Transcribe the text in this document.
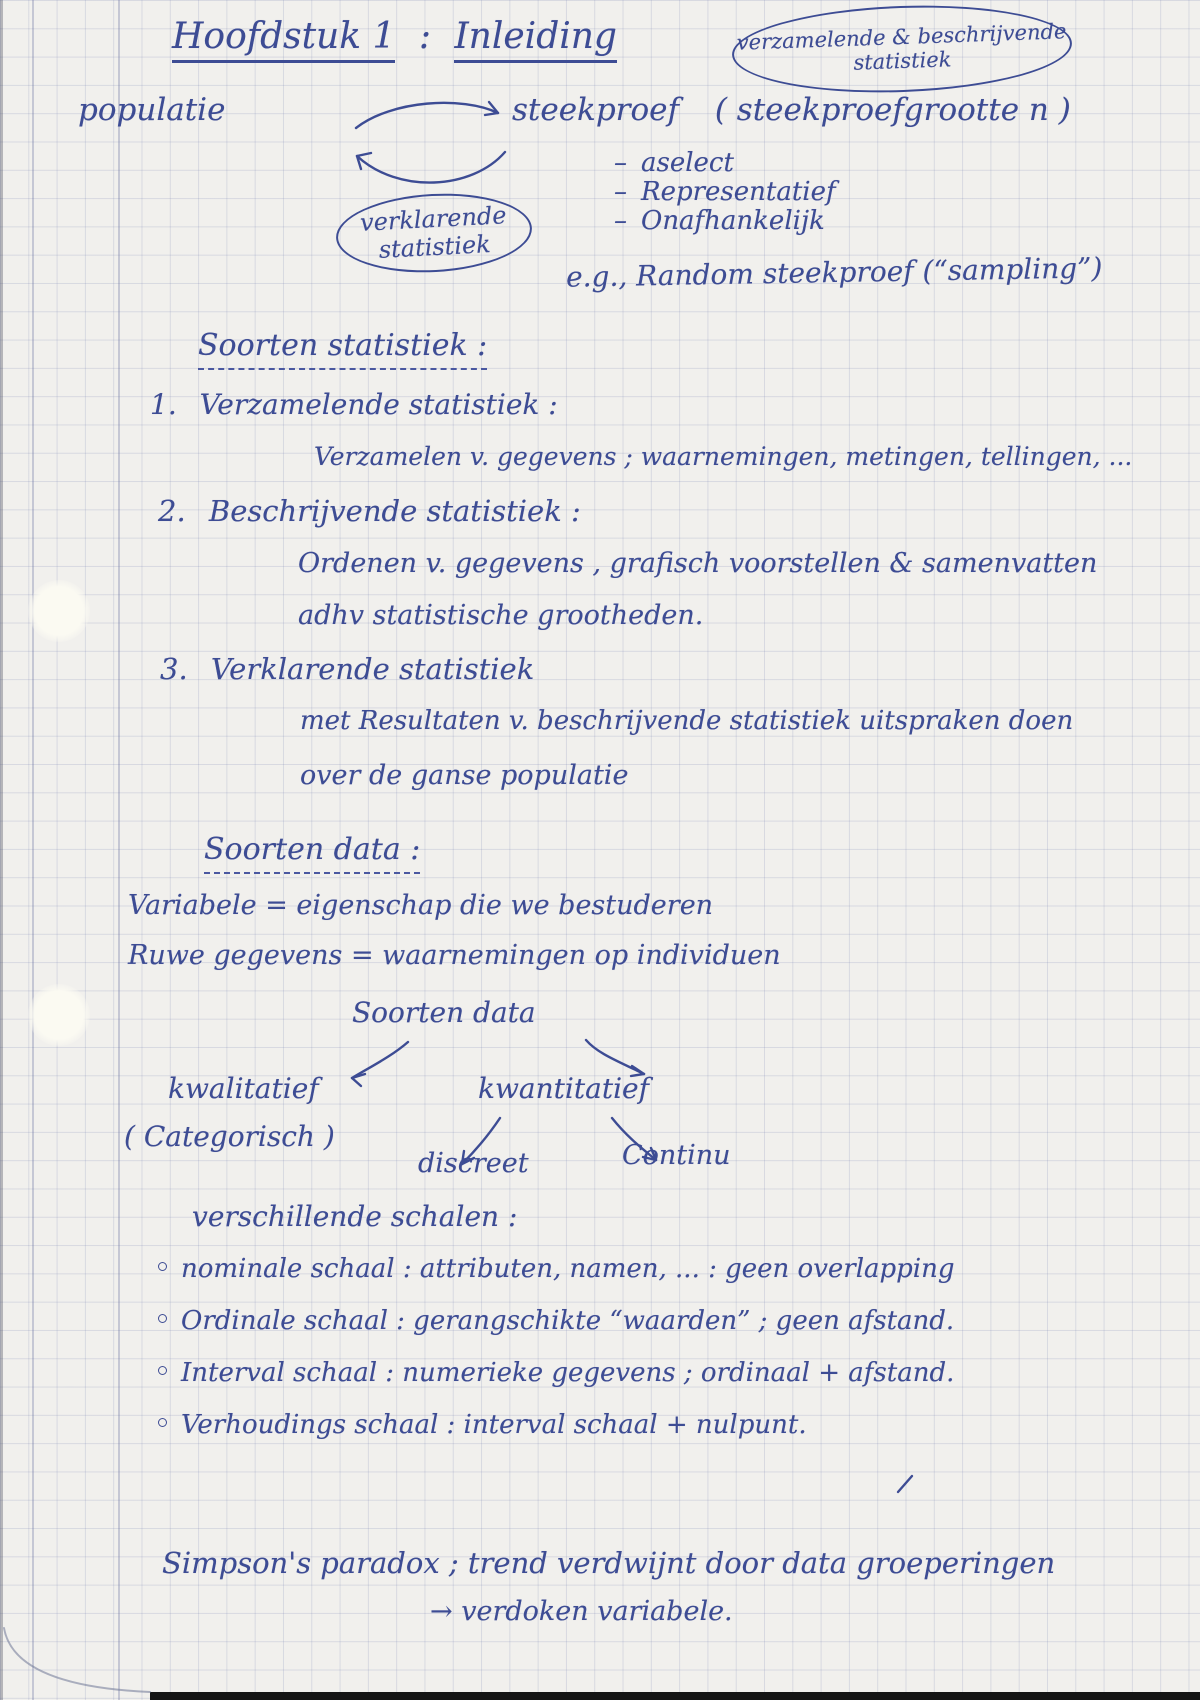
Hoofdstuk 1 : Inleiding	verzamelende & beschrijvende
statistiek
populatie	steekproef ( steekproefgrootte n )
verklarende
statistiek
– aselect
– Representatief
– Onafhankelijk
e.g., Random steekproef (“sampling”)
Soorten statistiek :
1. Verzamelende statistiek :
Verzamelen v. gegevens ; waarnemingen, metingen, tellingen, ...
2. Beschrijvende statistiek :
Ordenen v. gegevens , grafisch voorstellen & samenvatten
adhv statistische grootheden.
3. Verklarende statistiek
met Resultaten v. beschrijvende statistiek uitspraken doen
over de ganse populatie
Soorten data :
Variabele = eigenschap die we bestuderen
Ruwe gegevens = waarnemingen op individuen
Soorten data
kwalitatief
( Categorisch )
kwantitatief
discreet	Continu
verschillende schalen :
nominale schaal : attributen, namen, ... : geen overlapping
Ordinale schaal : gerangschikte “waarden” ; geen afstand.
Interval schaal : numerieke gegevens ; ordinaal + afstand.
Verhoudings schaal : interval schaal + nulpunt.
Simpson's paradox ; trend verdwijnt door data groeperingen
→ verdoken variabele.
